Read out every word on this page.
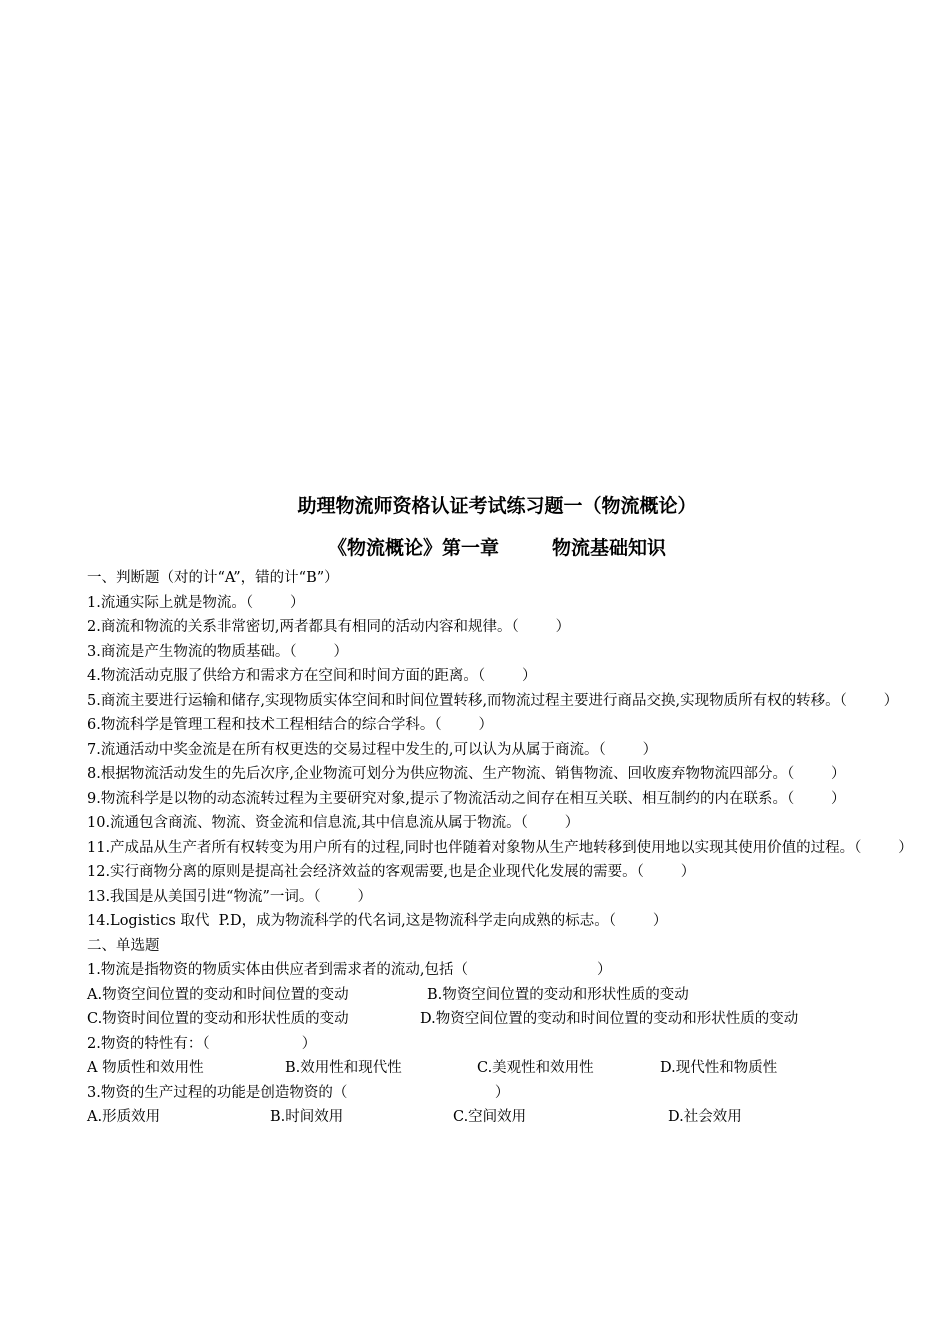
助理物流师资格认证考试练习题一（物流概论）
《物流概论》第一章        物流基础知识

一、判断题（对的计“A”，错的计“B”）

1.流通实际上就是物流。（        ）

2.商流和物流的关系非常密切,两者都具有相同的活动内容和规律。（        ）

3.商流是产生物流的物质基础。（        ）

4.物流活动克服了供给方和需求方在空间和时间方面的距离。（        ）

5.商流主要进行运输和储存,实现物质实体空间和时间位置转移,而物流过程主要进行商品交换,实现物质所有权的转移。（        ）

6.物流科学是管理工程和技术工程相结合的综合学科。（        ）

7.流通活动中奖金流是在所有权更迭的交易过程中发生的,可以认为从属于商流。（        ）

8.根据物流活动发生的先后次序,企业物流可划分为供应物流、生产物流、销售物流、回收废弃物物流四部分。（        ）

9.物流科学是以物的动态流转过程为主要研究对象,提示了物流活动之间存在相互关联、相互制约的内在联系。（        ）

10.流通包含商流、物流、资金流和信息流,其中信息流从属于物流。（        ）

11.产成品从生产者所有权转变为用户所有的过程,同时也伴随着对象物从生产地转移到使用地以实现其使用价值的过程。（        ）

12.实行商物分离的原则是提高社会经济效益的客观需要,也是企业现代化发展的需要。（        ）

13.我国是从美国引进“物流”一词。（        ）

14.Logistics 取代  P.D，成为物流科学的代名词,这是物流科学走向成熟的标志。（        ）

二、单选题

1.物流是指物资的物质实体由供应者到需求者的流动,包括（                            ）

A.物资空间位置的变动和时间位置的变动	B.物资空间位置的变动和形状性质的变动
C.物资时间位置的变动和形状性质的变动	D.物资空间位置的变动和时间位置的变动和形状性质的变动

2.物资的特性有：（                    ）

A 物质性和效用性	B.效用性和现代性	C.美观性和效用性	D.现代性和物质性

3.物资的生产过程的功能是创造物资的（                                ）

A.形质效用	B.时间效用	C.空间效用	D.社会效用
